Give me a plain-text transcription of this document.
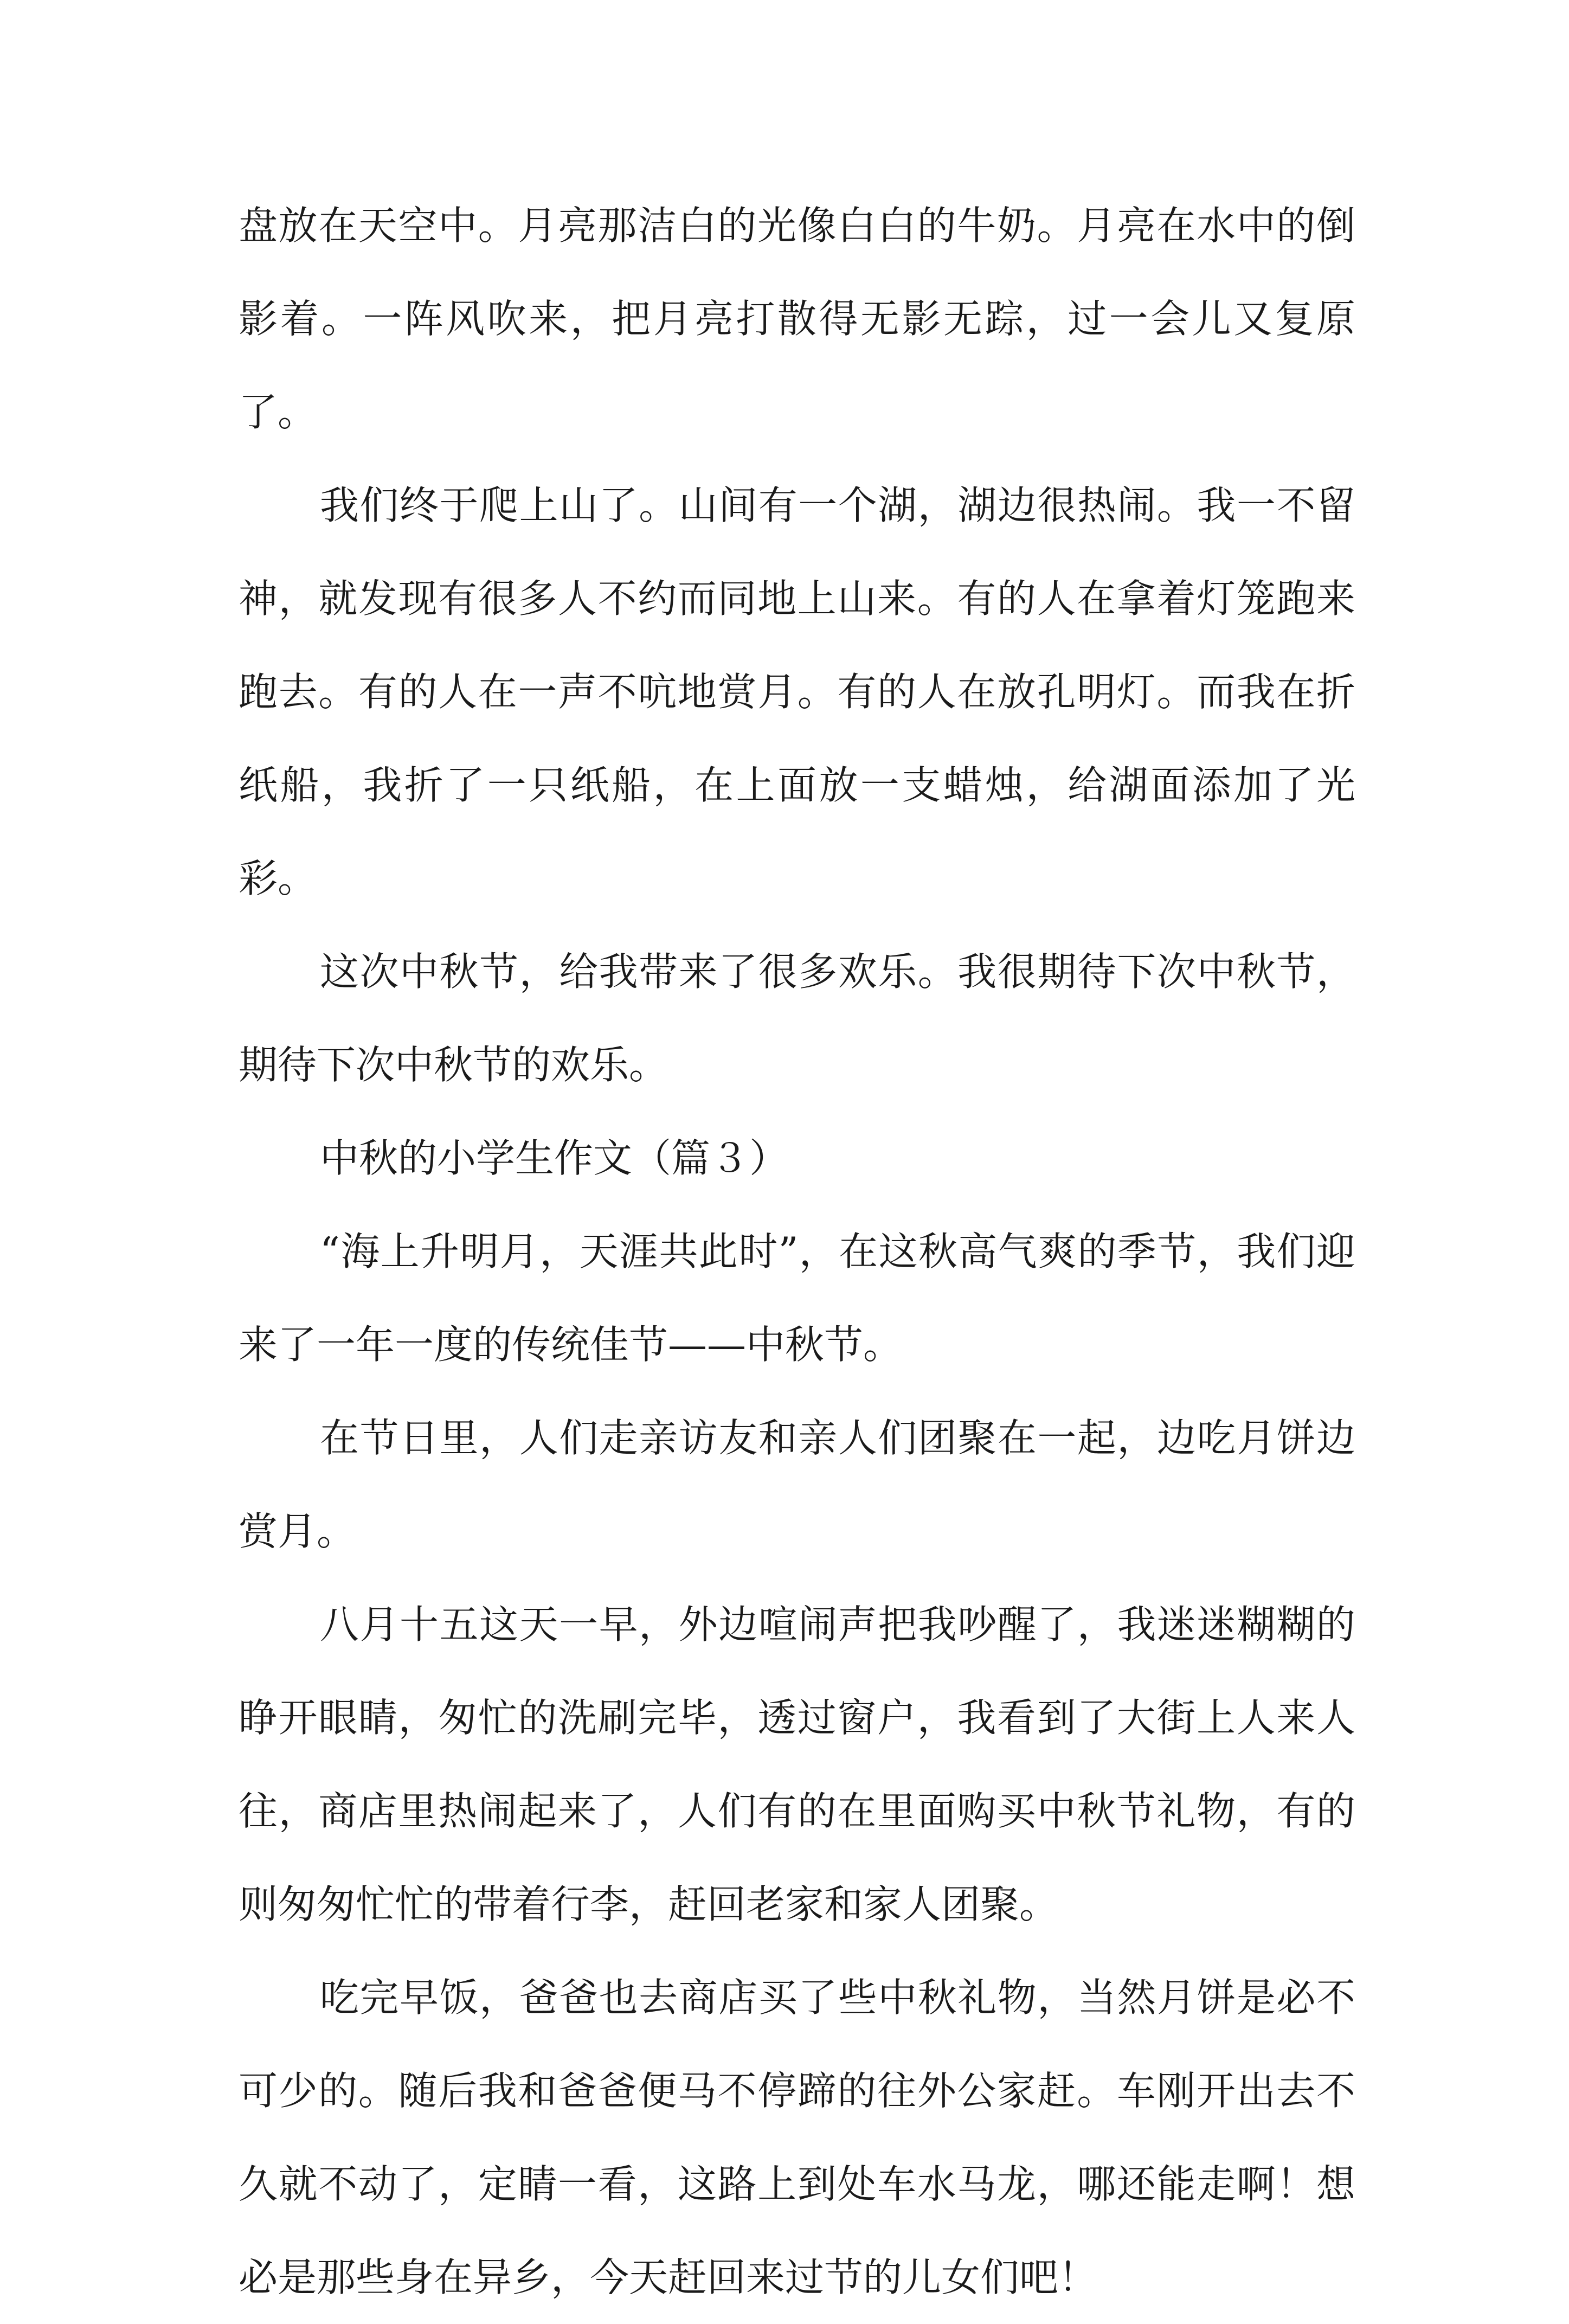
盘放在天空中。月亮那洁白的光像白白的牛奶。月亮在水中的倒影着。一阵风吹来，把月亮打散得无影无踪，过一会儿又复原了。

我们终于爬上山了。山间有一个湖，湖边很热闹。我一不留神，就发现有很多人不约而同地上山来。有的人在拿着灯笼跑来跑去。有的人在一声不吭地赏月。有的人在放孔明灯。而我在折纸船，我折了一只纸船，在上面放一支蜡烛，给湖面添加了光彩。

这次中秋节，给我带来了很多欢乐。我很期待下次中秋节，期待下次中秋节的欢乐。

中秋的小学生作文（篇３）

“海上升明月，天涯共此时”，在这秋高气爽的季节，我们迎来了一年一度的传统佳节——中秋节。

在节日里，人们走亲访友和亲人们团聚在一起，边吃月饼边赏月。

八月十五这天一早，外边喧闹声把我吵醒了，我迷迷糊糊的睁开眼睛，匆忙的洗刷完毕，透过窗户，我看到了大街上人来人往，商店里热闹起来了，人们有的在里面购买中秋节礼物，有的则匆匆忙忙的带着行李，赶回老家和家人团聚。

吃完早饭，爸爸也去商店买了些中秋礼物，当然月饼是必不可少的。随后我和爸爸便马不停蹄的往外公家赶。车刚开出去不久就不动了，定睛一看，这路上到处车水马龙，哪还能走啊！想必是那些身在异乡，今天赶回来过节的儿女们吧！
